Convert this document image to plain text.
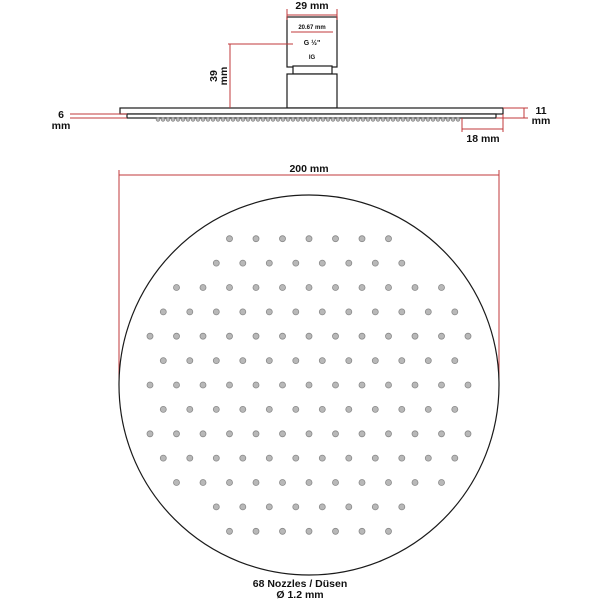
29 mm
20.67 mm
G ½"
IG
39
mm
6
mm
11
mm
18 mm
200 mm
68 Nozzles / Düsen
Ø 1.2 mm
